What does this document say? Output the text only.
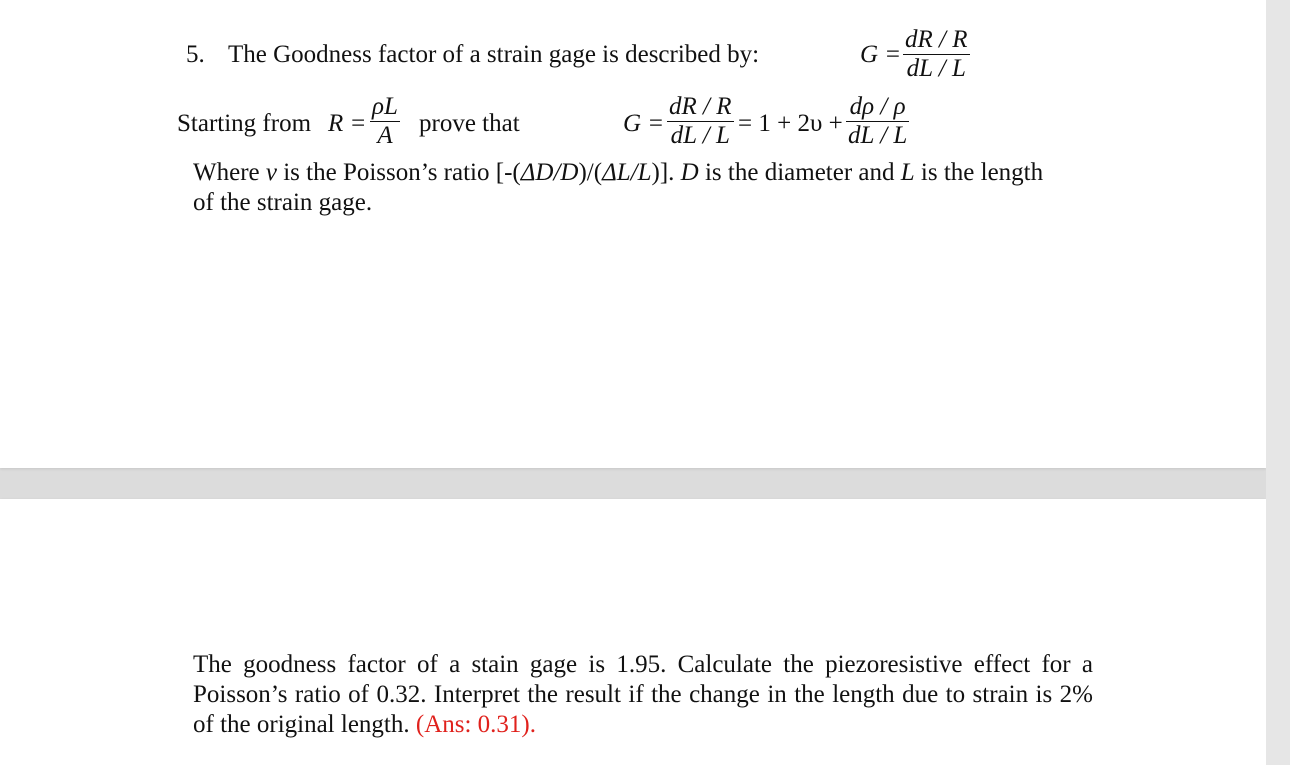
5. The Goodness factor of a strain gage is described by:	G =
dR / R
dL / L
Starting from R =
ρL
A prove that	G =
dR / R
dL / L = 1 + 2υ +
dρ / ρ
dL / L
Where v is the Poisson’s ratio [-(ΔD/D)/(ΔL/L)]. D is the diameter and L is the length
of the strain gage.
The goodness factor of a stain gage is 1.95. Calculate the piezoresistive effect for a Poisson’s ratio of 0.32. Interpret the result if the change in the length due to strain is 2% of the original length. (Ans: 0.31).
